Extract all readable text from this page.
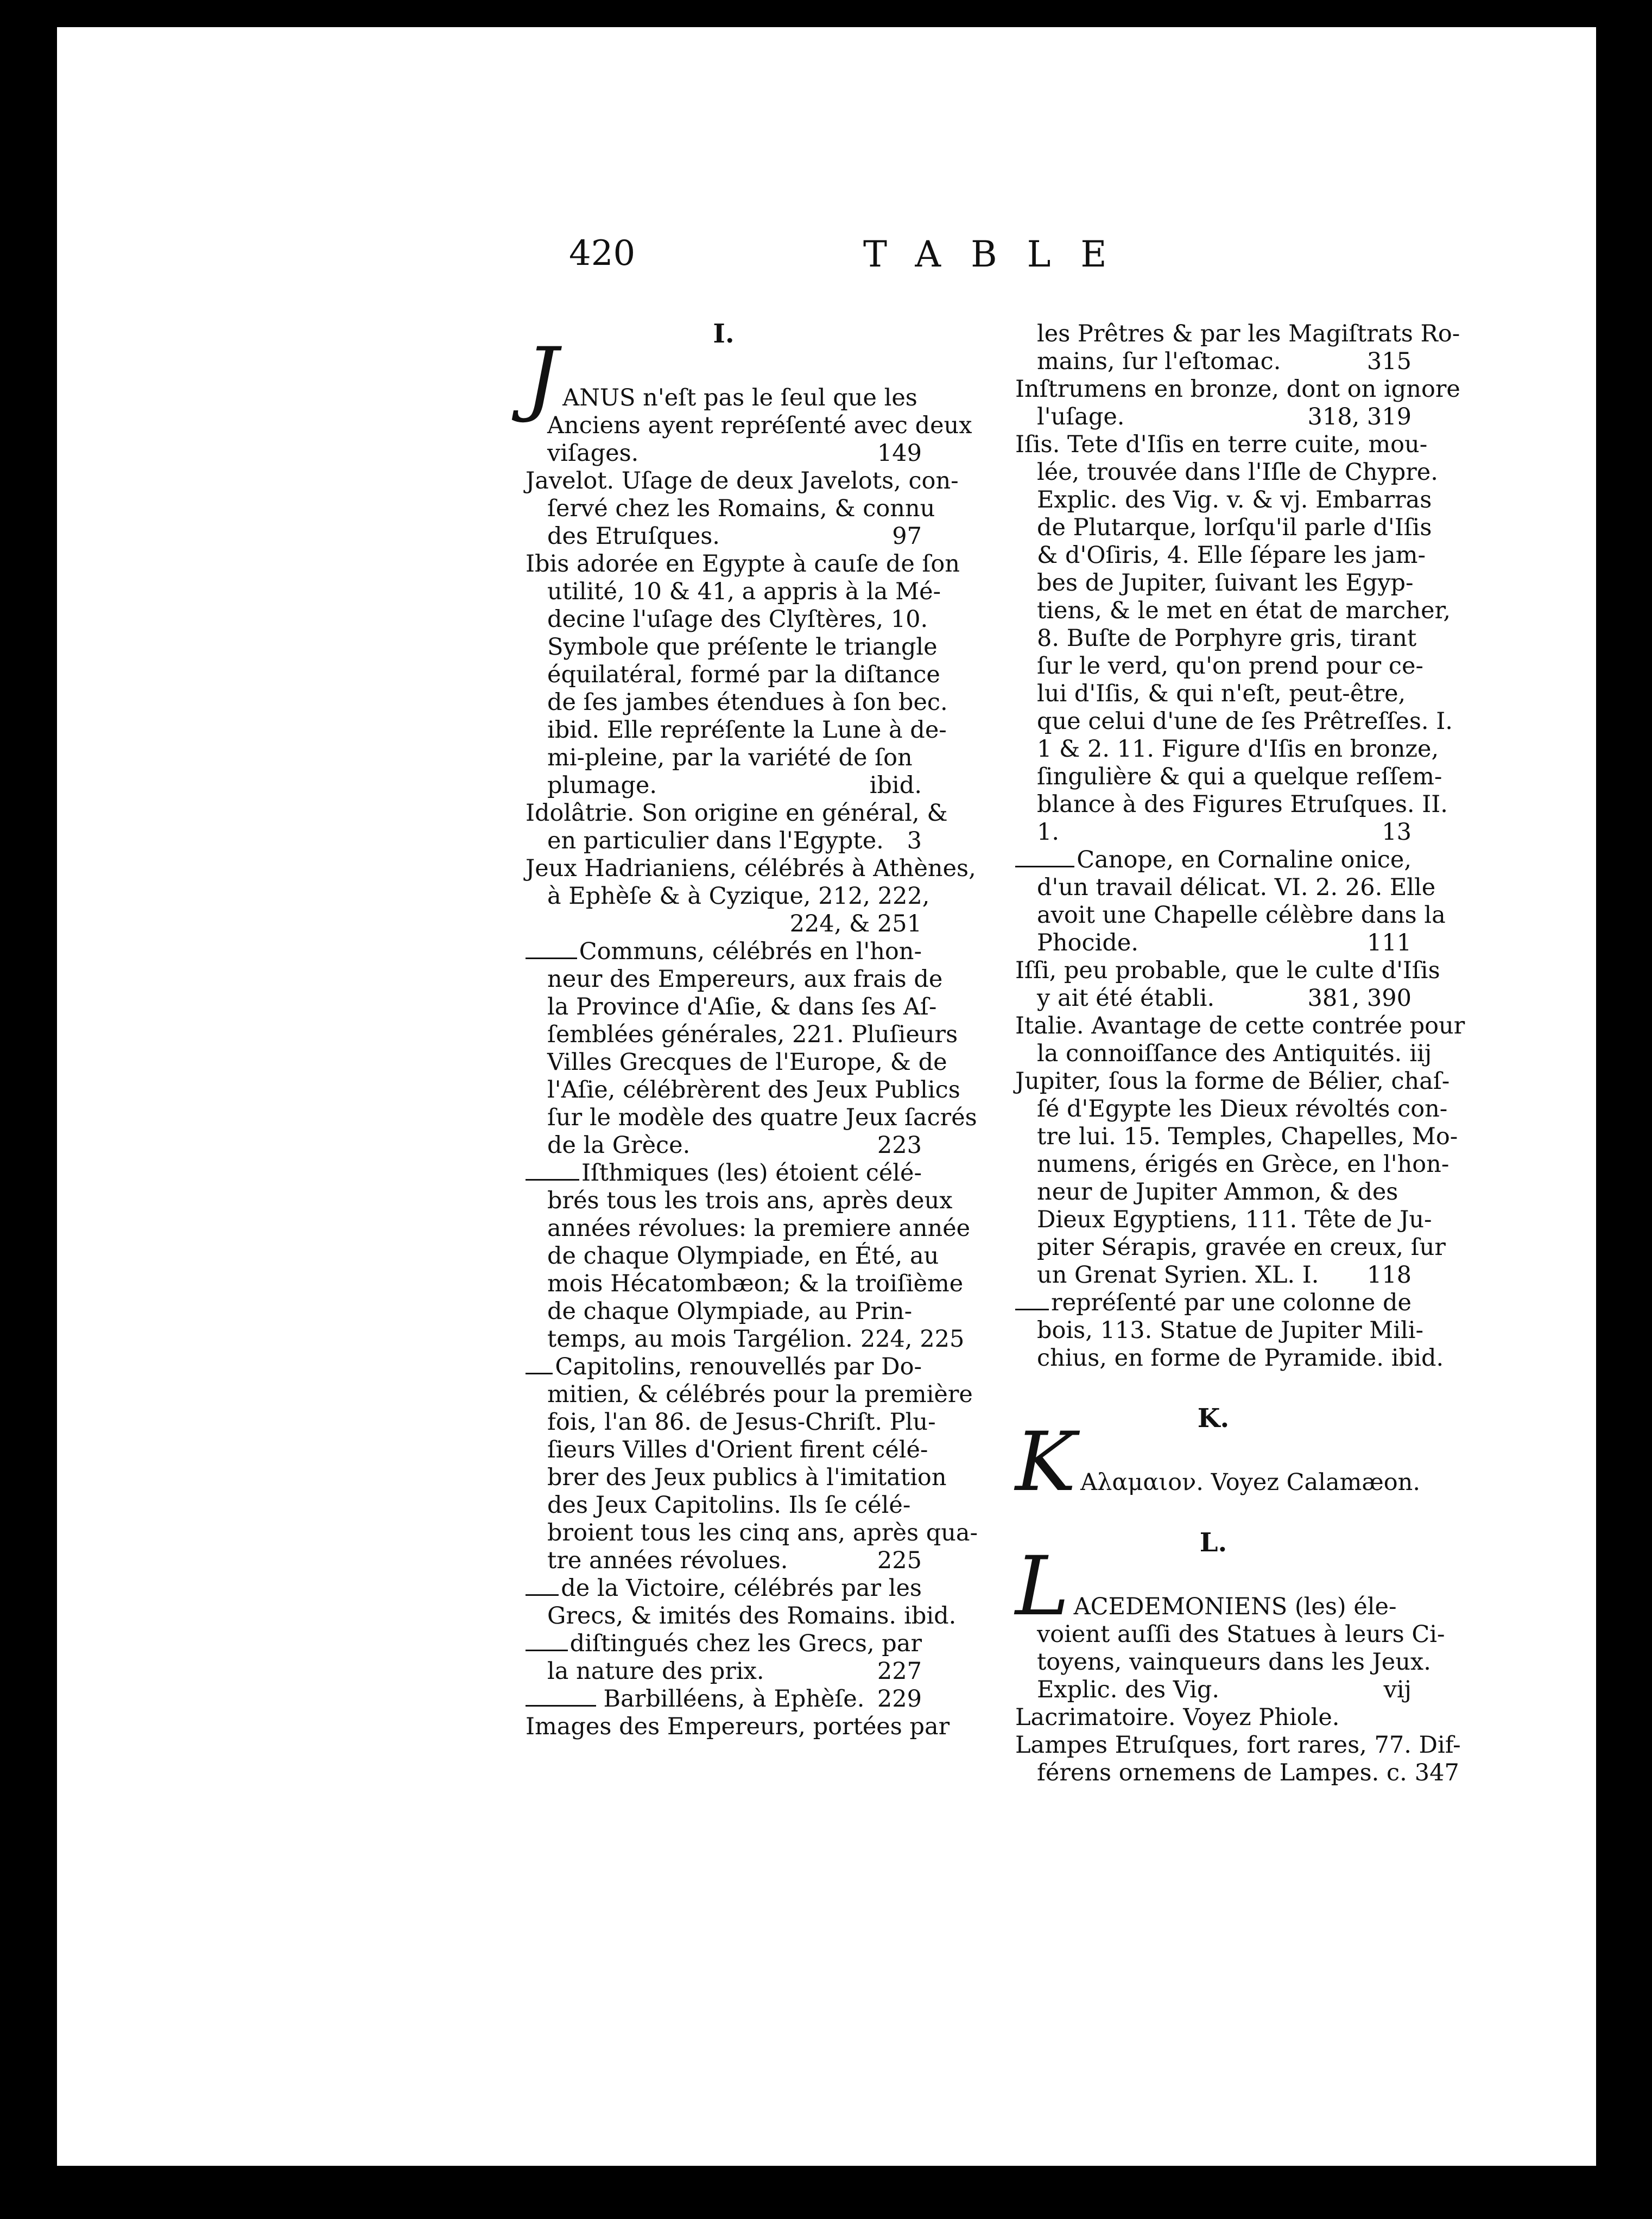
420	TABLE
I.
J ANUS n'eſt pas le ſeul que les
Anciens ayent repréſenté avec deux
viſages.	149
Javelot. Uſage de deux Javelots, con-
ſervé chez les Romains, & connu
des Etruſques.	97
Ibis adorée en Egypte à cauſe de ſon
utilité, 10 & 41, a appris à la Mé-
decine l'uſage des Clyſtères, 10.
Symbole que préſente le triangle
équilatéral, formé par la diſtance
de ſes jambes étendues à ſon bec.
ibid. Elle repréſente la Lune à de-
mi-pleine, par la variété de ſon
plumage.	ibid.
Idolâtrie. Son origine en général, &
en particulier dans l'Egypte. 3
Jeux Hadrianiens, célébrés à Athènes,
à Ephèſe & à Cyzique, 212, 222,
224, & 251
Communs, célébrés en l'hon-
neur des Empereurs, aux frais de
la Province d'Aſie, & dans ſes Aſ-
ſemblées générales, 221. Pluſieurs
Villes Grecques de l'Europe, & de
l'Aſie, célébrèrent des Jeux Publics
ſur le modèle des quatre Jeux ſacrés
de la Grèce.	223
Iſthmiques (les) étoient célé-
brés tous les trois ans, après deux
années révolues: la premiere année
de chaque Olympiade, en Été, au
mois Hécatombæon; & la troiſième
de chaque Olympiade, au Prin-
temps, au mois Targélion. 224, 225
Capitolins, renouvellés par Do-
mitien, & célébrés pour la première
fois, l'an 86. de Jesus-Chriſt. Plu-
ſieurs Villes d'Orient firent célé-
brer des Jeux publics à l'imitation
des Jeux Capitolins. Ils ſe célé-
broient tous les cinq ans, après qua-
tre années révolues.	225
de la Victoire, célébrés par les
Grecs, & imités des Romains. ibid.
diſtingués chez les Grecs, par
la nature des prix.	227
Barbilléens, à Ephèſe. 229
Images des Empereurs, portées par
les Prêtres & par les Magiſtrats Ro-
mains, ſur l'eſtomac.	315
Inſtrumens en bronze, dont on ignore
l'uſage.	318, 319
Iſis. Tete d'Iſis en terre cuite, mou-
lée, trouvée dans l'Iſle de Chypre.
Explic. des Vig. v. & vj. Embarras
de Plutarque, lorſqu'il parle d'Iſis
& d'Oſiris, 4. Elle ſépare les jam-
bes de Jupiter, ſuivant les Egyp-
tiens, & le met en état de marcher,
8. Buſte de Porphyre gris, tirant
ſur le verd, qu'on prend pour ce-
lui d'Iſis, & qui n'eſt, peut-être,
que celui d'une de ſes Prêtreſſes. I.
1 & 2. 11. Figure d'Iſis en bronze,
ſingulière & qui a quelque reſſem-
blance à des Figures Etruſques. II.
1.	13
Canope, en Cornaline onice,
d'un travail délicat. VI. 2. 26. Elle
avoit une Chapelle célèbre dans la
Phocide.	111
Iſſi, peu probable, que le culte d'Iſis
y ait été établi.	381, 390
Italie. Avantage de cette contrée pour
la connoiſſance des Antiquités. iij
Jupiter, ſous la forme de Bélier, chaſ-
ſé d'Egypte les Dieux révoltés con-
tre lui. 15. Temples, Chapelles, Mo-
numens, érigés en Grèce, en l'hon-
neur de Jupiter Ammon, & des
Dieux Egyptiens, 111. Tête de Ju-
piter Sérapis, gravée en creux, ſur
un Grenat Syrien. XL. I. 118
repréſenté par une colonne de
bois, 113. Statue de Jupiter Mili-
chius, en forme de Pyramide. ibid.
K.
K Αλαμαιον. Voyez Calamæon.
L.
L ACEDEMONIENS (les) éle-
voient auſſi des Statues à leurs Ci-
toyens, vainqueurs dans les Jeux.
Explic. des Vig.	vij
Lacrimatoire. Voyez Phiole.
Lampes Etruſques, fort rares, 77. Dif-
férens ornemens de Lampes. c. 347
